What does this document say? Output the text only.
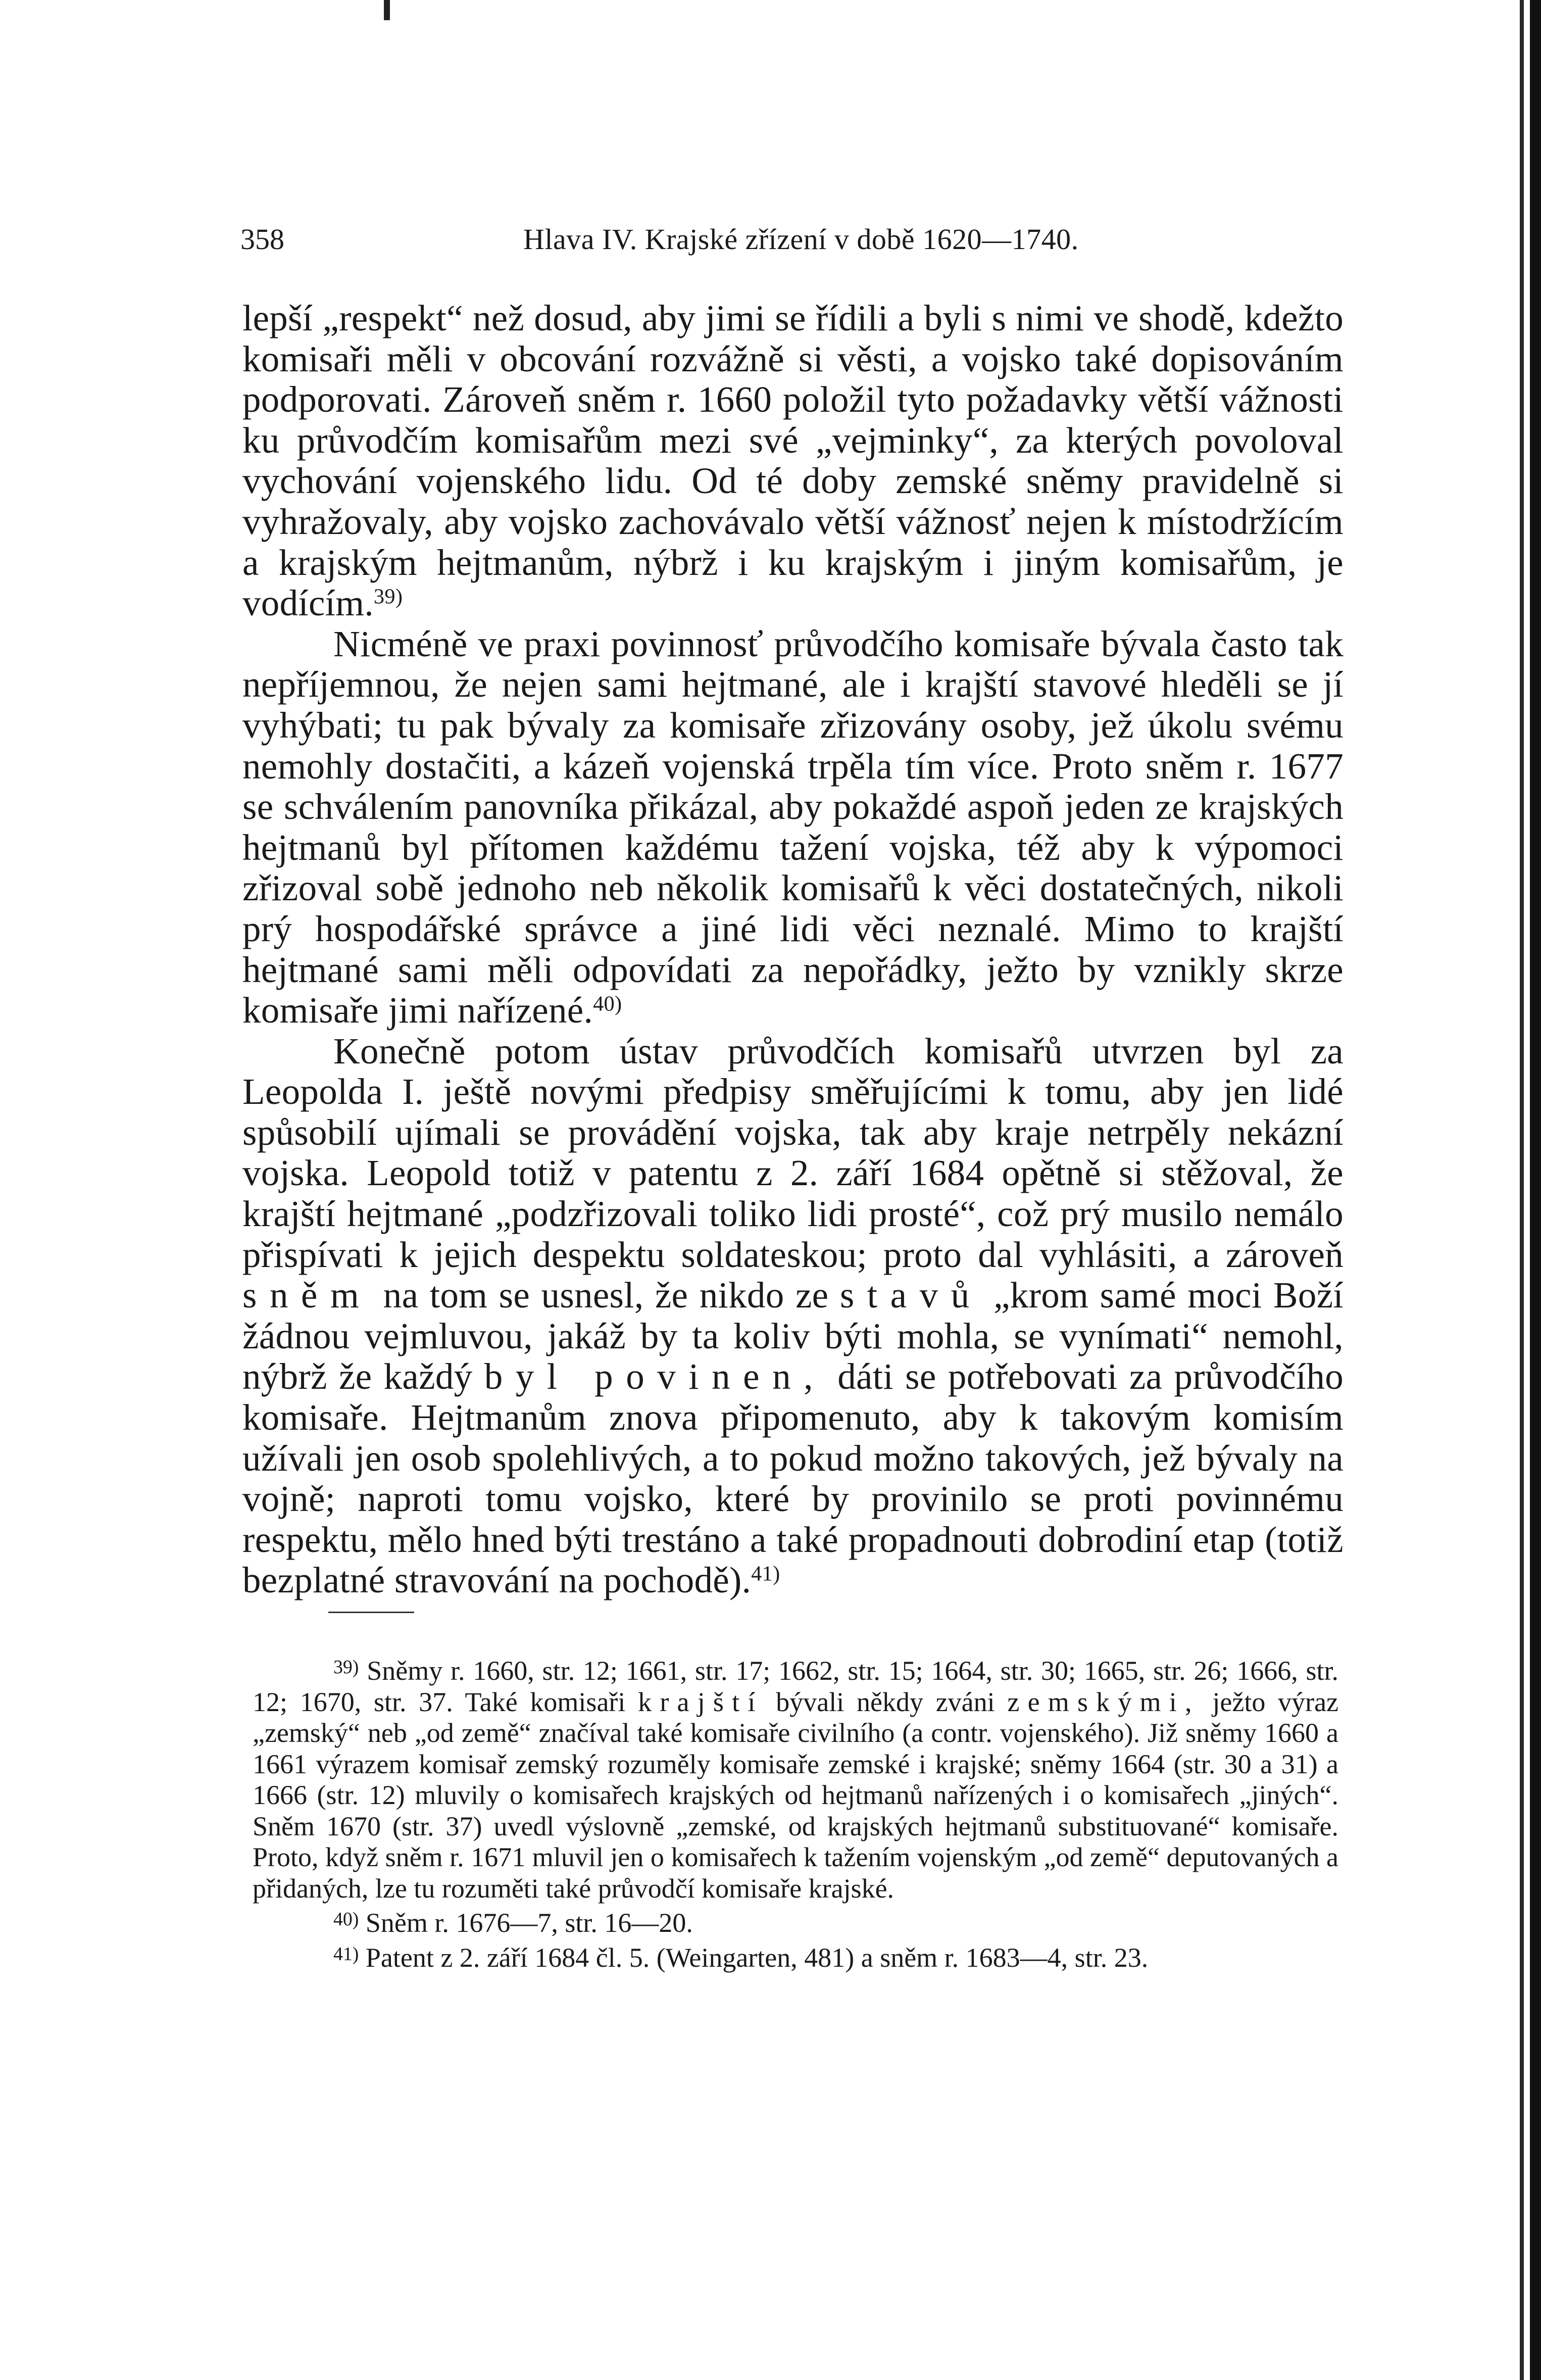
358	Hlava IV. Krajské zřízení v době 1620—1740.

lepší „respekt“ než dosud, aby jimi se řídili a byli s nimi ve shodě, kdežto komisaři měli v obcování rozvážně si věsti, a vojsko také dopisováním podporovati. Zároveň sněm r. 1660 položil tyto požadavky větší vážnosti ku průvodčím komisařům mezi své „vejminky“, za kterých povoloval vychování vojenského lidu. Od té doby zemské sněmy pravidelně si vyhražovaly, aby vojsko zachovávalo větší vážnosť nejen k místodržícím a krajským hejtmanům, nýbrž i ku krajským i jiným komisařům, je vodícím.$^{39)}$

Nicméně ve praxi povinnosť průvodčího komisaře bývala často tak nepříjemnou, že nejen sami hejtmané, ale i krajští stavové hleděli se jí vyhýbati; tu pak bývaly za komisaře zřizovány osoby, jež úkolu svému nemohly dostačiti, a kázeň vojenská trpěla tím více. Proto sněm r. 1677 se schválením panovníka přikázal, aby pokaždé aspoň jeden ze krajských hejtmanů byl přítomen každému tažení vojska, též aby k výpomoci zřizoval sobě jednoho neb několik komisařů k věci dostatečných, nikoli prý hospodářské správce a jiné lidi věci neznalé. Mimo to krajští hejtmané sami měli odpovídati za nepořádky, ježto by vznikly skrze komisaře jimi nařízené.$^{40)}$

Konečně potom ústav průvodčích komisařů utvrzen byl za Leopolda I. ještě novými předpisy směřujícími k tomu, aby jen lidé spůsobilí ujímali se provádění vojska, tak aby kraje netrpěly nekázní vojska. Leopold totiž v patentu z 2. září 1684 opětně si stěžoval, že krajští hejtmané „podzřizovali toliko lidi prosté“, což prý musilo nemálo přispívati k jejich despektu soldateskou; proto dal vyhlásiti, a zároveň sněm na tom se usnesl, že nikdo ze stavů „krom samé moci Boží žádnou vejmluvou, jakáž by ta koliv býti mohla, se vynímati“ nemohl, nýbrž že každý byl povinen, dáti se potřebovati za průvodčího komisaře. Hejtmanům znova připomenuto, aby k takovým komisím užívali jen osob spolehlivých, a to pokud možno takových, jež bývaly na vojně; naproti tomu vojsko, které by provinilo se proti povinnému respektu, mělo hned býti trestáno a také propadnouti dobrodiní etap (totiž bezplatné stravování na pochodě).$^{41)}$

$^{39)}$ Sněmy r. 1660, str. 12; 1661, str. 17; 1662, str. 15; 1664, str. 30; 1665, str. 26; 1666, str. 12; 1670, str. 37. Také komisaři krajští bývali někdy zváni zemskými, ježto výraz „zemský“ neb „od země“ značíval také komisaře civilního (a contr. vojenského). Již sněmy 1660 a 1661 výrazem komisař zemský rozuměly komisaře zemské i krajské; sněmy 1664 (str. 30 a 31) a 1666 (str. 12) mluvily o komisařech krajských od hejtmanů nařízených i o komisařech „jiných“. Sněm 1670 (str. 37) uvedl výslovně „zemské, od krajských hejtmanů substituované“ komisaře. Proto, když sněm r. 1671 mluvil jen o komisařech k tažením vojenským „od země“ deputovaných a přidaných, lze tu rozuměti také průvodčí komisaře krajské.

$^{40)}$ Sněm r. 1676—7, str. 16—20.

$^{41)}$ Patent z 2. září 1684 čl. 5. (Weingarten, 481) a sněm r. 1683—4, str. 23.
